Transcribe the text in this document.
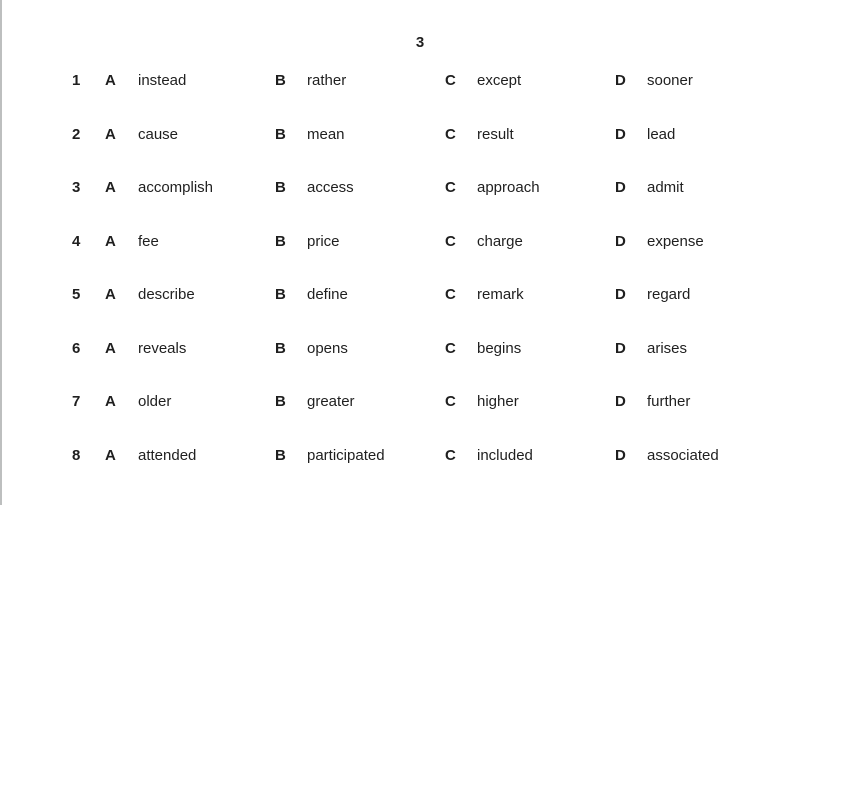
3
1 A instead	B rather	C except	D sooner
2 A cause	B mean	C result	D lead
3 A accomplish	B access	C approach	D admit
4 A fee	B price	C charge	D expense
5 A describe	B define	C remark	D regard
6 A reveals	B opens	C begins	D arises
7 A older	B greater	C higher	D further
8 A attended	B participated	C included	D associated
